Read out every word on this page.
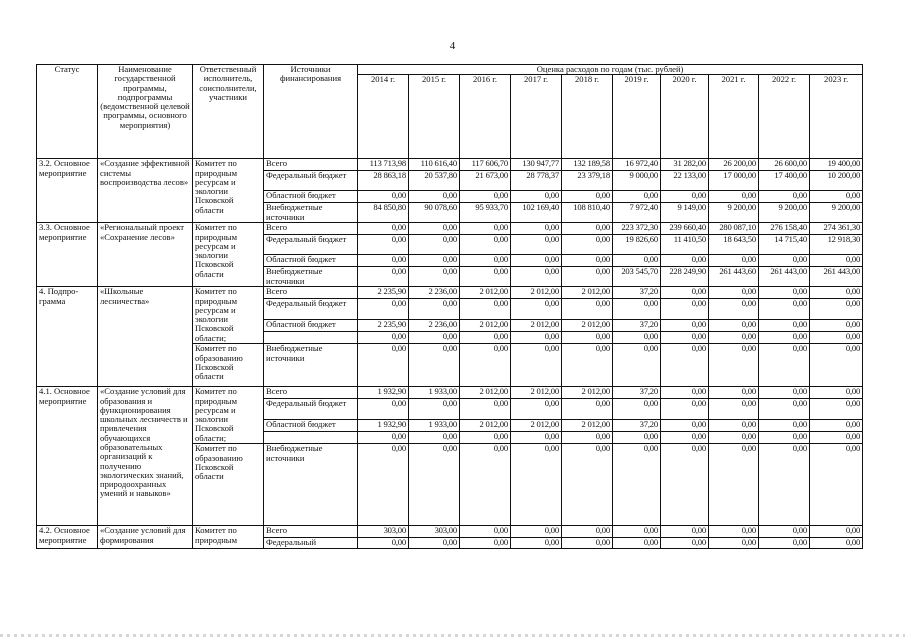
4
Статус	Наименование государственной программы, подпрограммы (ведомственной целевой программы, основного мероприятия)	Ответственный исполнитель, соисполнители, участники	Источники финансирования	Оценка расходов по годам (тыс. рублей)									
				2014 г.	2015 г.	2016 г.	2017 г.	2018 г.	2019 г.	2020 г.	2021 г.	2022 г.	2023 г.
3.2. Основное мероприятие	«Создание эффективной системы воспроизводства лесов»	Комитет по природным ресурсам и экологии Псковской области	Всего	113 713,98	110 616,40	117 606,70	130 947,77	132 189,58	16 972,40	31 282,00	26 200,00	26 600,00	19 400,00
			Федеральный бюджет	28 863,18	20 537,80	21 673,00	28 778,37	23 379,18	9 000,00	22 133,00	17 000,00	17 400,00	10 200,00
			Областной бюджет	0,00	0,00	0,00	0,00	0,00	0,00	0,00	0,00	0,00	0,00
			Внебюджетные источники	84 850,80	90 078,60	95 933,70	102 169,40	108 810,40	7 972,40	9 149,00	9 200,00	9 200,00	9 200,00
3.3. Основное мероприятие	«Региональный проект «Сохранение лесов»	Комитет по природным ресурсам и экологии Псковской области	Всего	0,00	0,00	0,00	0,00	0,00	223 372,30	239 660,40	280 087,10	276 158,40	274 361,30
			Федеральный бюджет	0,00	0,00	0,00	0,00	0,00	19 826,60	11 410,50	18 643,50	14 715,40	12 918,30
			Областной бюджет	0,00	0,00	0,00	0,00	0,00	0,00	0,00	0,00	0,00	0,00
			Внебюджетные источники	0,00	0,00	0,00	0,00	0,00	203 545,70	228 249,90	261 443,60	261 443,00	261 443,00
4. Подпро-грамма	«Школьные лесничества»	Комитет по природным ресурсам и экологии Псковской области;	Всего	2 235,90	2 236,00	2 012,00	2 012,00	2 012,00	37,20	0,00	0,00	0,00	0,00
			Федеральный бюджет	0,00	0,00	0,00	0,00	0,00	0,00	0,00	0,00	0,00	0,00
			Областной бюджет	2 235,90	2 236,00	2 012,00	2 012,00	2 012,00	37,20	0,00	0,00	0,00	0,00
				0,00	0,00	0,00	0,00	0,00	0,00	0,00	0,00	0,00	0,00
		Комитет по образованию Псковской области	Внебюджетные источники	0,00	0,00	0,00	0,00	0,00	0,00	0,00	0,00	0,00	0,00
4.1. Основное мероприятие	«Создание условий для образования и функционирования школьных лесничеств и привлечения обучающихся образовательных организаций к получению экологических знаний, природоохранных умений и навыков»	Комитет по природным ресурсам и экологии Псковской области;	Всего	1 932,90	1 933,00	2 012,00	2 012,00	2 012,00	37,20	0,00	0,00	0,00	0,00
			Федеральный бюджет	0,00	0,00	0,00	0,00	0,00	0,00	0,00	0,00	0,00	0,00
			Областной бюджет	1 932,90	1 933,00	2 012,00	2 012,00	2 012,00	37,20	0,00	0,00	0,00	0,00
				0,00	0,00	0,00	0,00	0,00	0,00	0,00	0,00	0,00	0,00
		Комитет по образованию Псковской области	Внебюджетные источники	0,00	0,00	0,00	0,00	0,00	0,00	0,00	0,00	0,00	0,00
4.2. Основное мероприятие	«Создание условий для формирования	Комитет по природным	Всего	303,00	303,00	0,00	0,00	0,00	0,00	0,00	0,00	0,00	0,00
			Федеральный	0,00	0,00	0,00	0,00	0,00	0,00	0,00	0,00	0,00	0,00
